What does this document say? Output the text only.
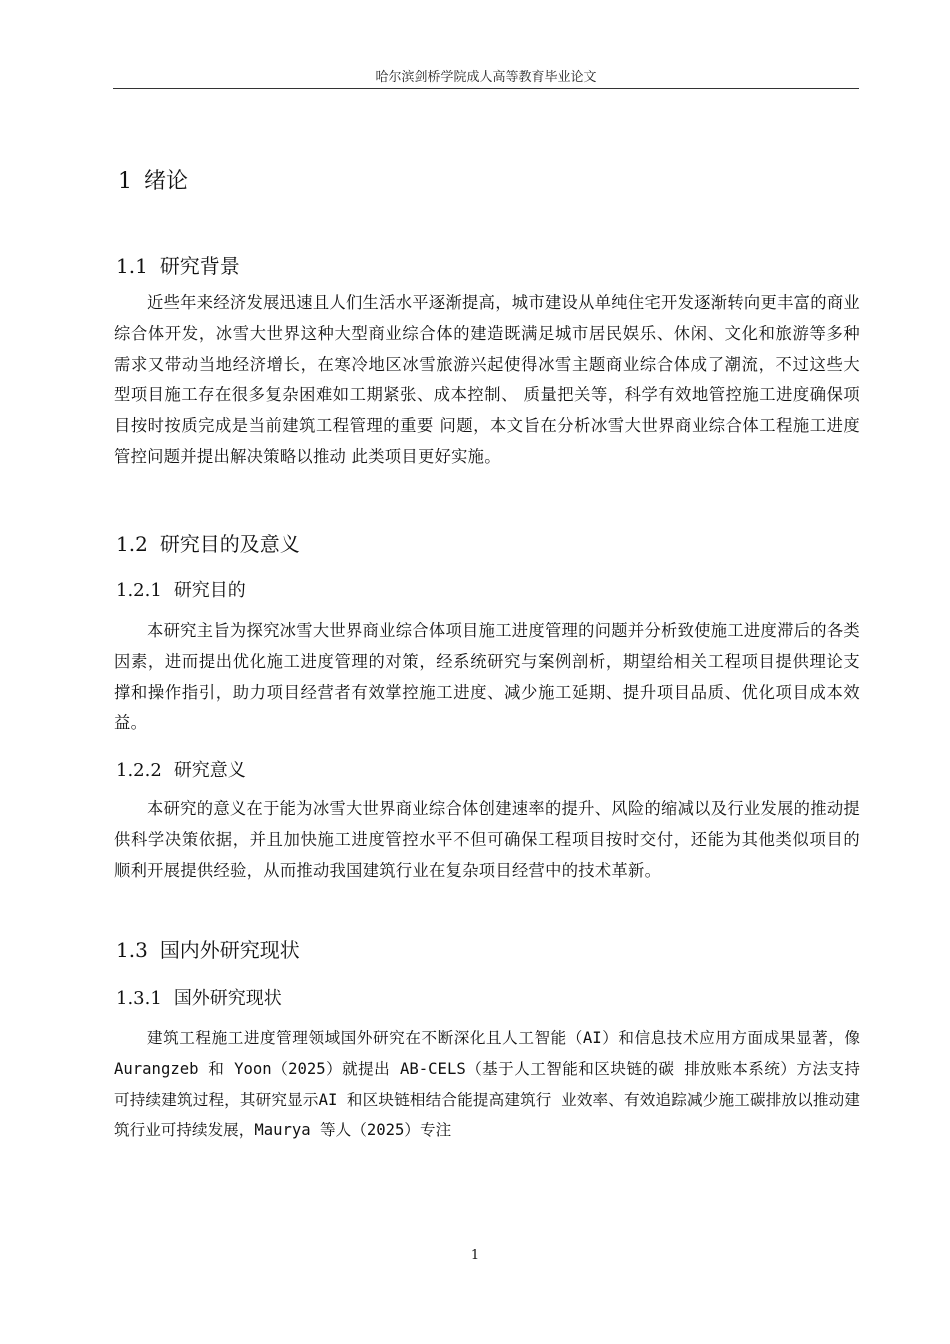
哈尔滨剑桥学院成人高等教育毕业论文
1 绪论
1.1 研究背景

近些年来经济发展迅速且人们生活水平逐渐提高，城市建设从单纯住宅开发逐渐转向更丰富的商业综合体开发，冰雪大世界这种大型商业综合体的建造既满足城市居民娱乐、休闲、文化和旅游等多种需求又带动当地经济增长，在寒冷地区冰雪旅游兴起使得冰雪主题商业综合体成了潮流，不过这些大型项目施工存在很多复杂困难如工期紧张、成本控制、 质量把关等，科学有效地管控施工进度确保项目按时按质完成是当前建筑工程管理的重要 问题，本文旨在分析冰雪大世界商业综合体工程施工进度管控问题并提出解决策略以推动 此类项目更好实施。

1.2 研究目的及意义
1.2.1 研究目的

本研究主旨为探究冰雪大世界商业综合体项目施工进度管理的问题并分析致使施工进度滞后的各类因素，进而提出优化施工进度管理的对策，经系统研究与案例剖析，期望给相关工程项目提供理论支撑和操作指引，助力项目经营者有效掌控施工进度、减少施工延期、提升项目品质、优化项目成本效益。

1.2.2 研究意义

本研究的意义在于能为冰雪大世界商业综合体创建速率的提升、风险的缩减以及行业发展的推动提供科学决策依据，并且加快施工进度管控水平不但可确保工程项目按时交付，还能为其他类似项目的顺利开展提供经验，从而推动我国建筑行业在复杂项目经营中的技术革新。

1.3 国内外研究现状
1.3.1 国外研究现状

建筑工程施工进度管理领域国外研究在不断深化且人工智能（AI）和信息技术应用方面成果显著，像 Aurangzeb 和 Yoon（2025）就提出 AB-CELS（基于人工智能和区块链的碳 排放账本系统）方法支持可持续建筑过程，其研究显示AI 和区块链相结合能提高建筑行 业效率、有效追踪减少施工碳排放以推动建筑行业可持续发展，Maurya 等人（2025）专注

1
